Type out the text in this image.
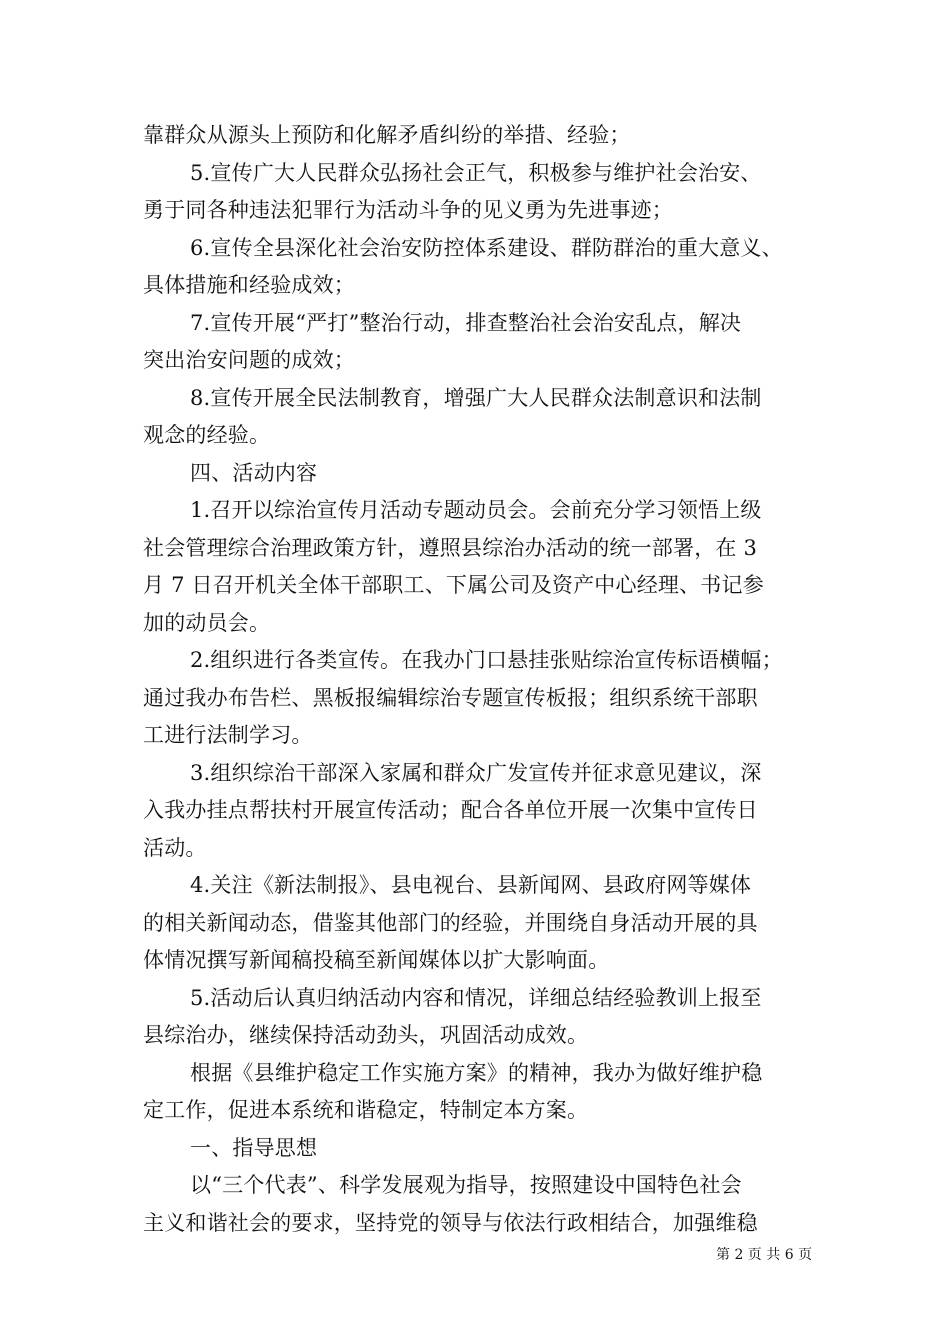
靠群众从源头上预防和化解矛盾纠纷的举措、经验；
5.宣传广大人民群众弘扬社会正气，积极参与维护社会治安、
勇于同各种违法犯罪行为活动斗争的见义勇为先进事迹；
6.宣传全县深化社会治安防控体系建设、群防群治的重大意义、
具体措施和经验成效；
7.宣传开展“严打”整治行动，排查整治社会治安乱点，解决
突出治安问题的成效；
8.宣传开展全民法制教育，增强广大人民群众法制意识和法制
观念的经验。
四、活动内容
1.召开以综治宣传月活动专题动员会。会前充分学习领悟上级
社会管理综合治理政策方针，遵照县综治办活动的统一部署，在 3
月 7 日召开机关全体干部职工、下属公司及资产中心经理、书记参
加的动员会。
2.组织进行各类宣传。在我办门口悬挂张贴综治宣传标语横幅；
通过我办布告栏、黑板报编辑综治专题宣传板报；组织系统干部职
工进行法制学习。
3.组织综治干部深入家属和群众广发宣传并征求意见建议，深
入我办挂点帮扶村开展宣传活动；配合各单位开展一次集中宣传日
活动。
4.关注《新法制报》、县电视台、县新闻网、县政府网等媒体
的相关新闻动态，借鉴其他部门的经验，并围绕自身活动开展的具
体情况撰写新闻稿投稿至新闻媒体以扩大影响面。
5.活动后认真归纳活动内容和情况，详细总结经验教训上报至
县综治办，继续保持活动劲头，巩固活动成效。
根据《县维护稳定工作实施方案》的精神，我办为做好维护稳
定工作，促进本系统和谐稳定，特制定本方案。
一、指导思想
以“三个代表”、科学发展观为指导，按照建设中国特色社会
主义和谐社会的要求，坚持党的领导与依法行政相结合，加强维稳
第 2 页 共 6 页
